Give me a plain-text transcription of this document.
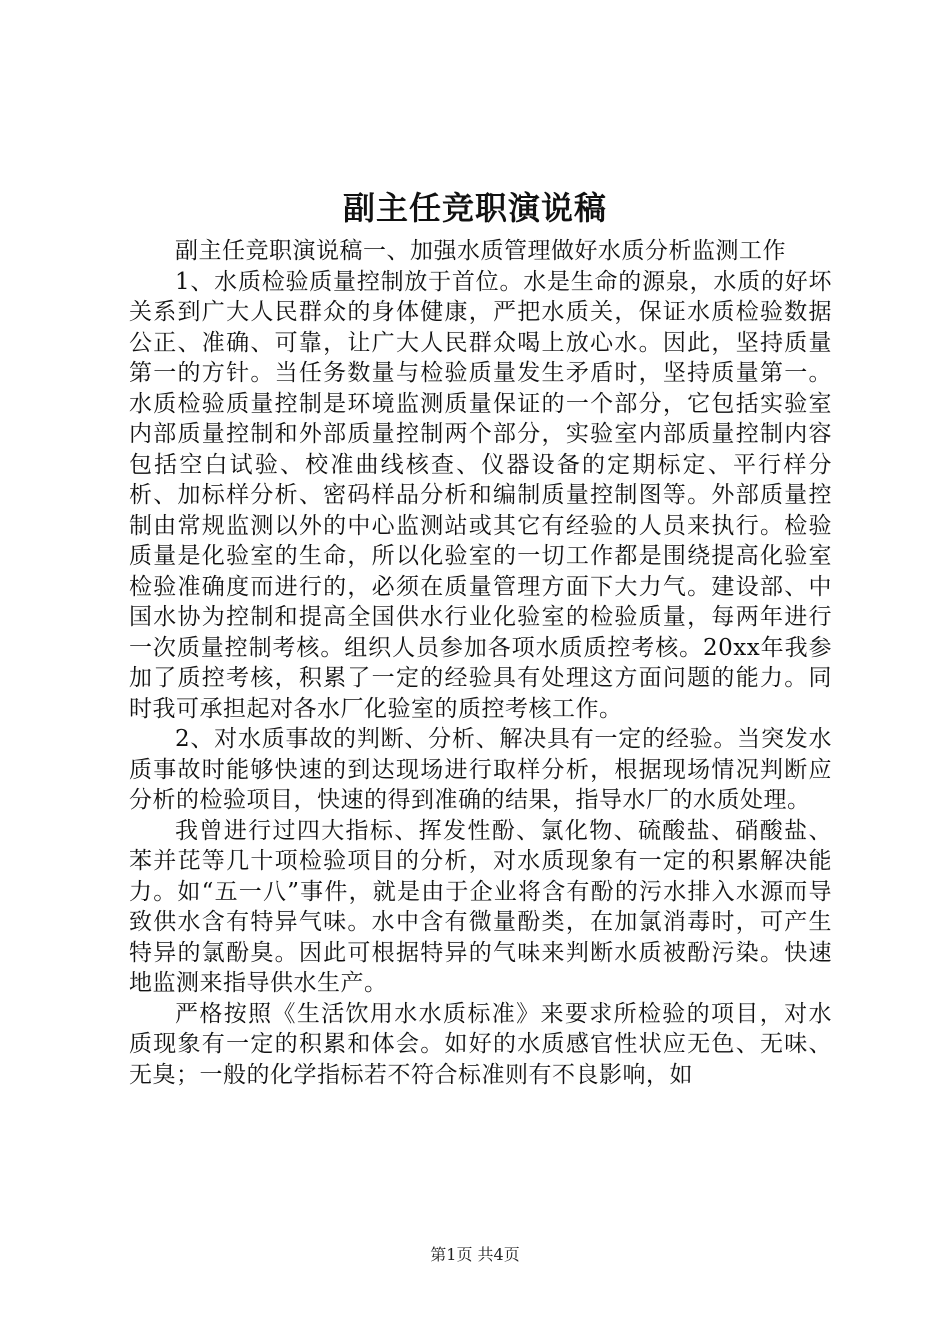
副主任竞职演说稿

副主任竞职演说稿一、加强水质管理做好水质分析监测工作

1、水质检验质量控制放于首位。水是生命的源泉，水质的好坏关系到广大人民群众的身体健康，严把水质关，保证水质检验数据公正、准确、可靠，让广大人民群众喝上放心水。因此，坚持质量第一的方针。当任务数量与检验质量发生矛盾时，坚持质量第一。水质检验质量控制是环境监测质量保证的一个部分，它包括实验室内部质量控制和外部质量控制两个部分，实验室内部质量控制内容包括空白试验、校准曲线核查、仪器设备的定期标定、平行样分析、加标样分析、密码样品分析和编制质量控制图等。外部质量控制由常规监测以外的中心监测站或其它有经验的人员来执行。检验质量是化验室的生命，所以化验室的一切工作都是围绕提高化验室检验准确度而进行的，必须在质量管理方面下大力气。建设部、中国水协为控制和提高全国供水行业化验室的检验质量，每两年进行一次质量控制考核。组织人员参加各项水质质控考核。20xx年我参加了质控考核，积累了一定的经验具有处理这方面问题的能力。同时我可承担起对各水厂化验室的质控考核工作。

2、对水质事故的判断、分析、解决具有一定的经验。当突发水质事故时能够快速的到达现场进行取样分析，根据现场情况判断应分析的检验项目，快速的得到准确的结果，指导水厂的水质处理。

我曾进行过四大指标、挥发性酚、氯化物、硫酸盐、硝酸盐、苯并芘等几十项检验项目的分析，对水质现象有一定的积累解决能力。如“五一八”事件，就是由于企业将含有酚的污水排入水源而导致供水含有特异气味。水中含有微量酚类，在加氯消毒时，可产生特异的氯酚臭。因此可根据特异的气味来判断水质被酚污染。快速地监测来指导供水生产。

严格按照《生活饮用水水质标准》来要求所检验的项目，对水质现象有一定的积累和体会。如好的水质感官性状应无色、无味、无臭；一般的化学指标若不符合标准则有不良影响，如

第1页 共4页
